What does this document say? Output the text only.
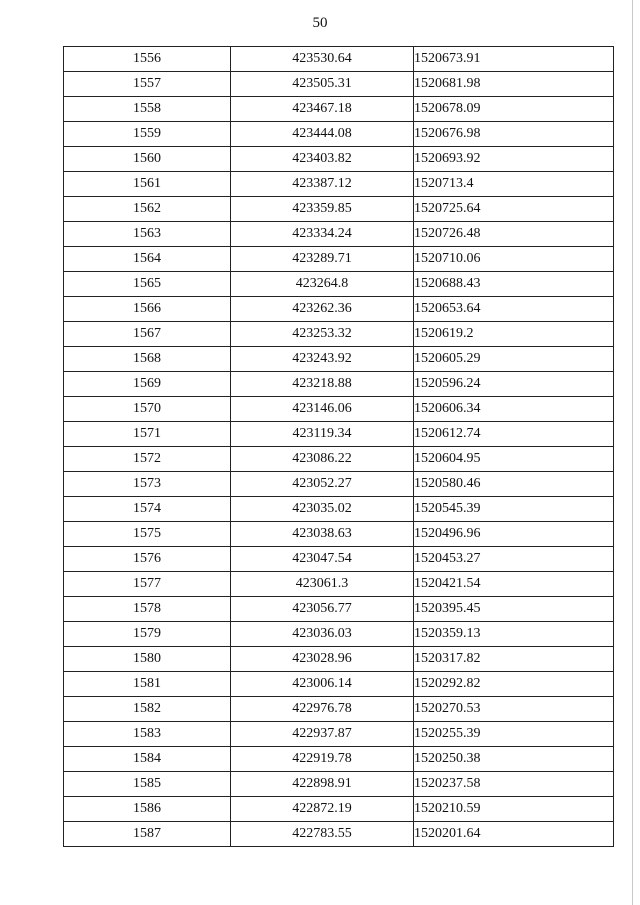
50
1556	423530.64	1520673.91
1557	423505.31	1520681.98
1558	423467.18	1520678.09
1559	423444.08	1520676.98
1560	423403.82	1520693.92
1561	423387.12	1520713.4
1562	423359.85	1520725.64
1563	423334.24	1520726.48
1564	423289.71	1520710.06
1565	423264.8	1520688.43
1566	423262.36	1520653.64
1567	423253.32	1520619.2
1568	423243.92	1520605.29
1569	423218.88	1520596.24
1570	423146.06	1520606.34
1571	423119.34	1520612.74
1572	423086.22	1520604.95
1573	423052.27	1520580.46
1574	423035.02	1520545.39
1575	423038.63	1520496.96
1576	423047.54	1520453.27
1577	423061.3	1520421.54
1578	423056.77	1520395.45
1579	423036.03	1520359.13
1580	423028.96	1520317.82
1581	423006.14	1520292.82
1582	422976.78	1520270.53
1583	422937.87	1520255.39
1584	422919.78	1520250.38
1585	422898.91	1520237.58
1586	422872.19	1520210.59
1587	422783.55	1520201.64
